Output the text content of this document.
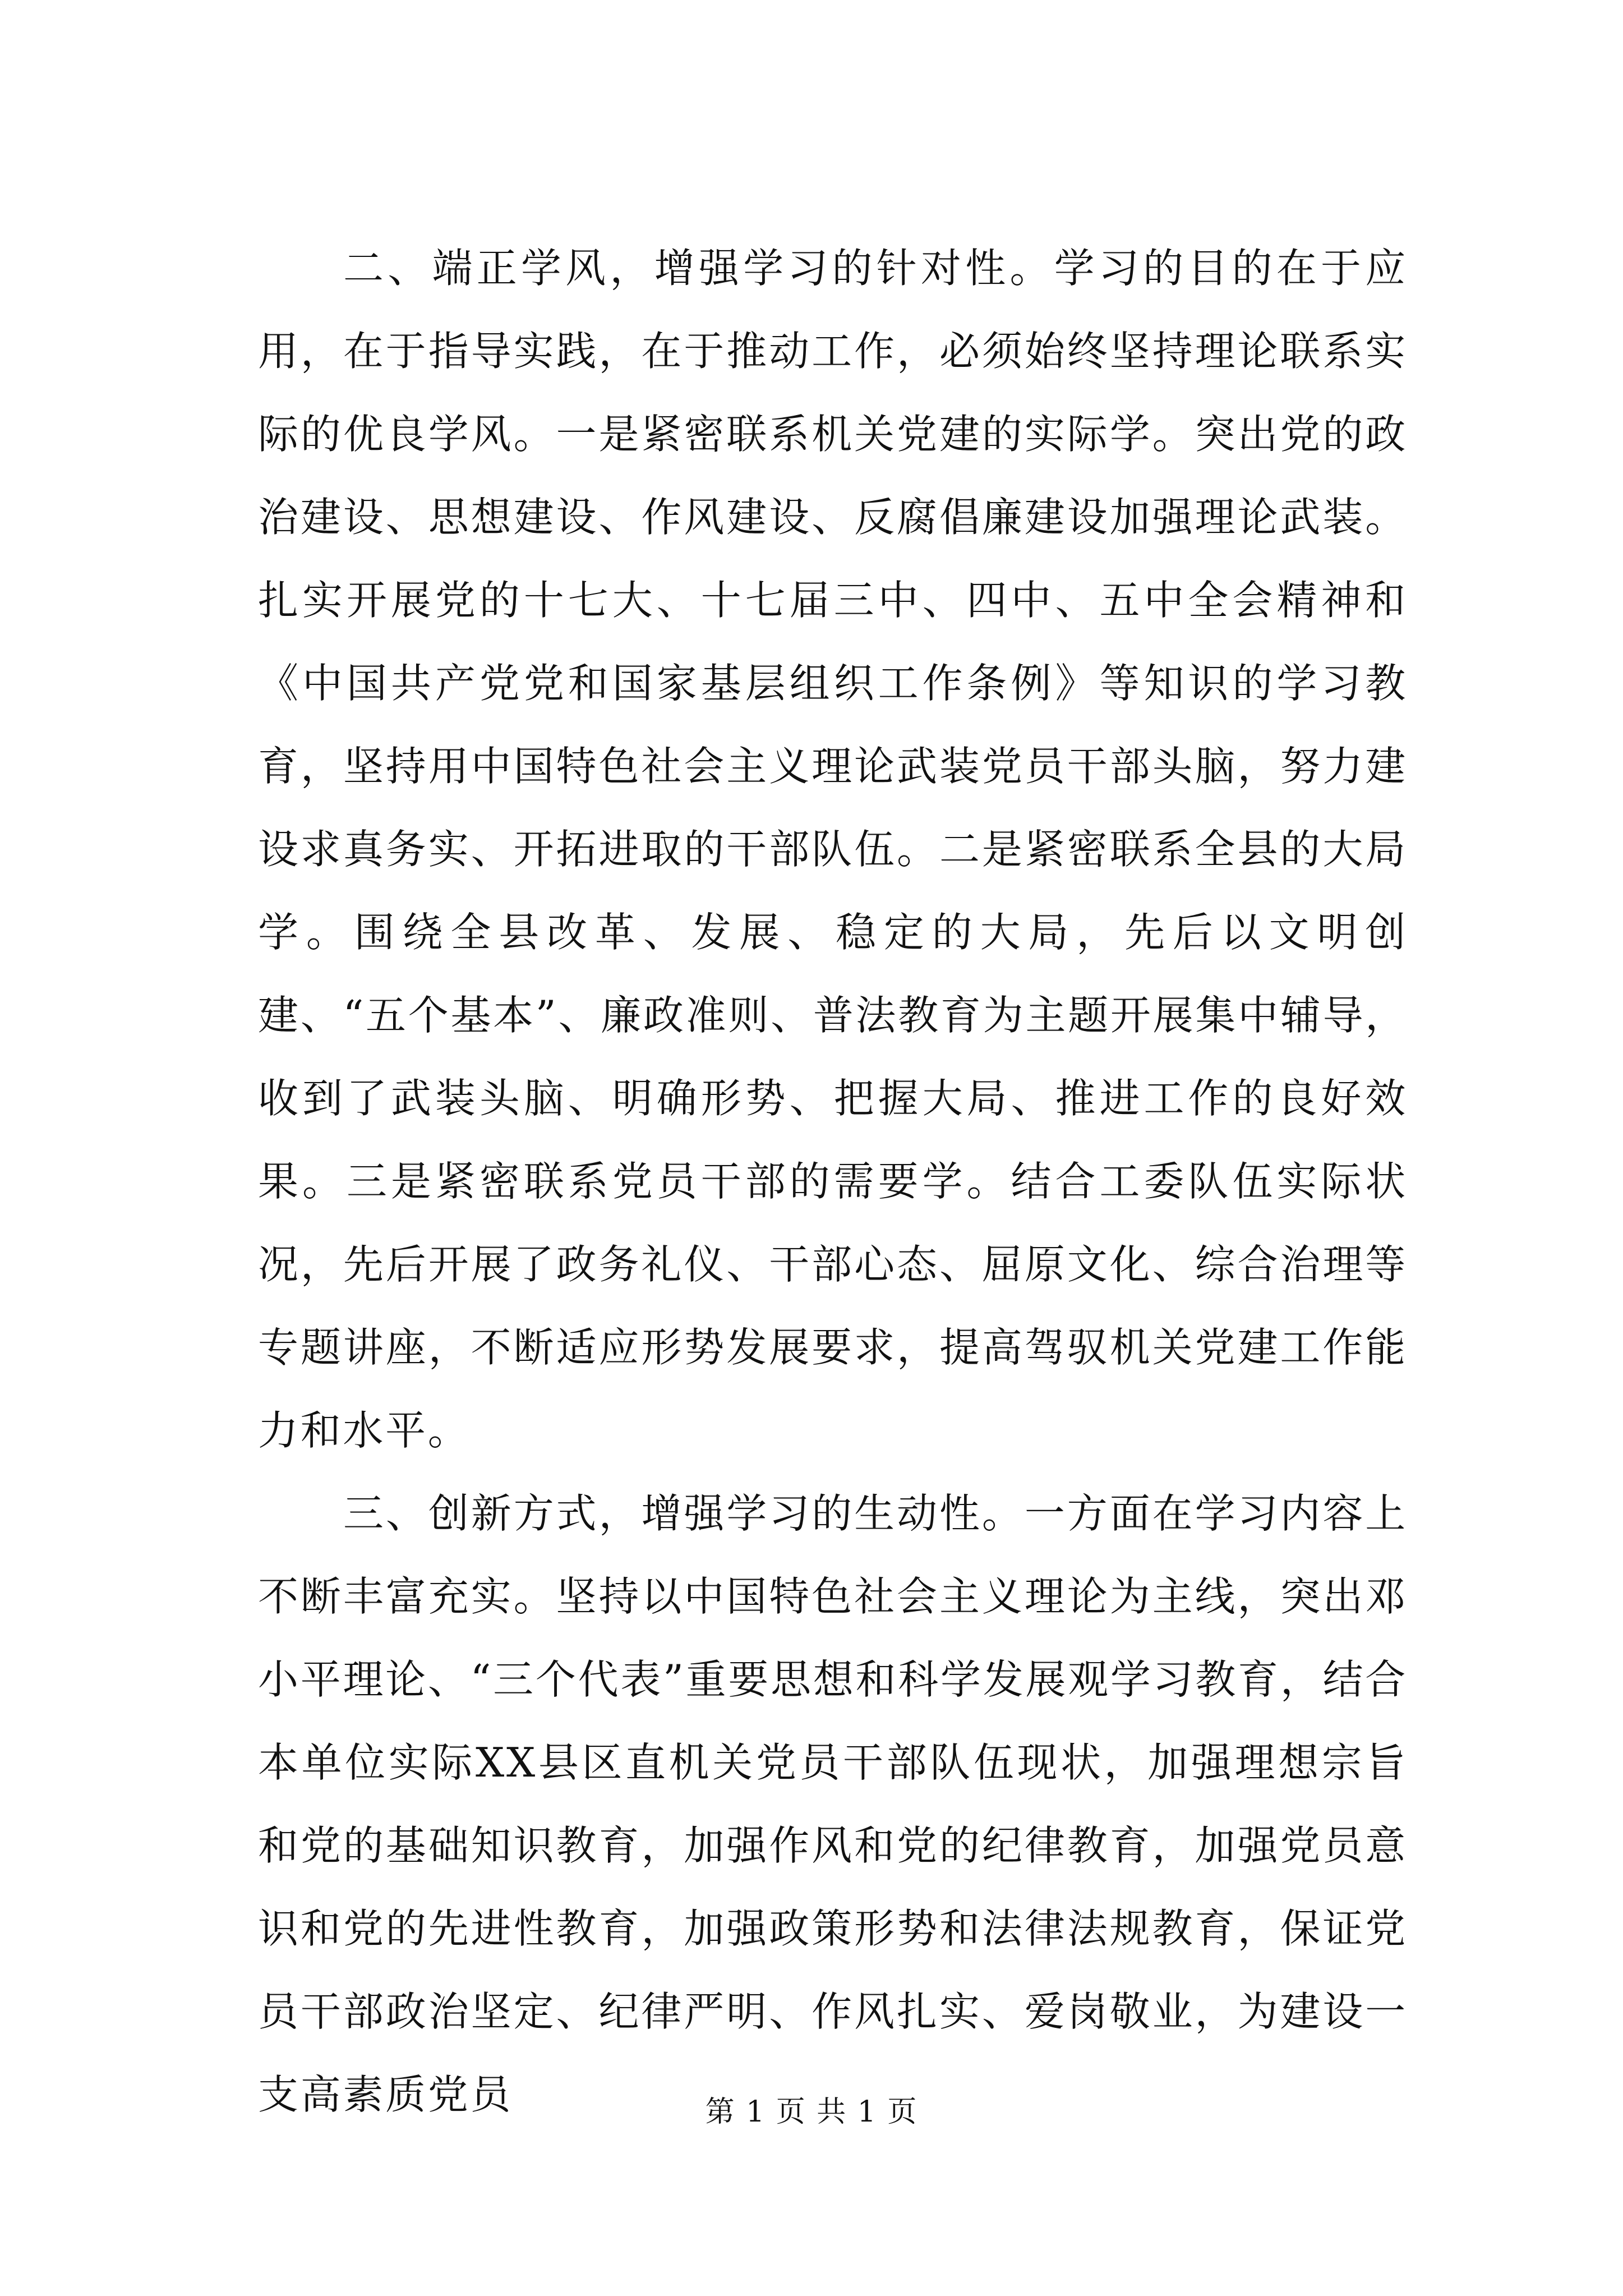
二、端正学风，增强学习的针对性。学习的目的在于应用，在于指导实践，在于推动工作，必须始终坚持理论联系实际的优良学风。一是紧密联系机关党建的实际学。突出党的政治建设、思想建设、作风建设、反腐倡廉建设加强理论武装。扎实开展党的十七大、十七届三中、四中、五中全会精神和《中国共产党党和国家基层组织工作条例》等知识的学习教育，坚持用中国特色社会主义理论武装党员干部头脑，努力建设求真务实、开拓进取的干部队伍。二是紧密联系全县的大局学。围绕全县改革、发展、稳定的大局，先后以文明创建、“五个基本”、廉政准则、普法教育为主题开展集中辅导，收到了武装头脑、明确形势、把握大局、推进工作的良好效果。三是紧密联系党员干部的需要学。结合工委队伍实际状况，先后开展了政务礼仪、干部心态、屈原文化、综合治理等专题讲座，不断适应形势发展要求，提高驾驭机关党建工作能力和水平。

三、创新方式，增强学习的生动性。一方面在学习内容上不断丰富充实。坚持以中国特色社会主义理论为主线，突出邓小平理论、“三个代表”重要思想和科学发展观学习教育，结合本单位实际XX县区直机关党员干部队伍现状，加强理想宗旨和党的基础知识教育，加强作风和党的纪律教育，加强党员意识和党的先进性教育，加强政策形势和法律法规教育，保证党员干部政治坚定、纪律严明、作风扎实、爱岗敬业，为建设一支高素质党员	第 1 页 共 1 页
